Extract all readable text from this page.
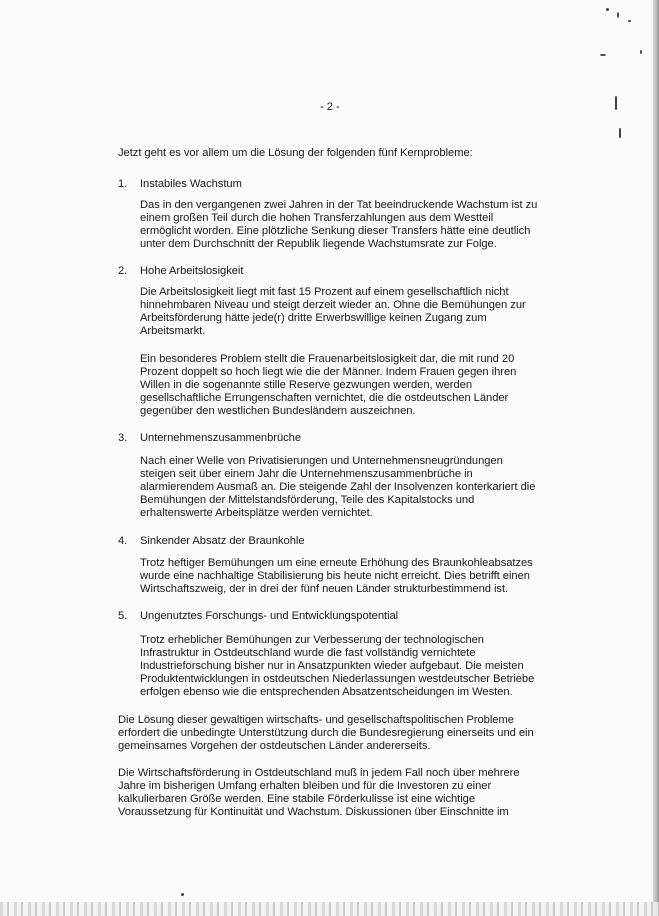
- 2 -
Jetzt geht es vor allem um die Lösung der folgenden fünf Kernprobleme:
1. Instabiles Wachstum
Das in den vergangenen zwei Jahren in der Tat beeindruckende Wachstum ist zu
einem großen Teil durch die hohen Transferzahlungen aus dem Westteil
ermöglicht worden. Eine plötzliche Senkung dieser Transfers hätte eine deutlich
unter dem Durchschnitt der Republik liegende Wachstumsrate zur Folge.
2. Hohe Arbeitslosigkeit
Die Arbeitslosigkeit liegt mit fast 15 Prozent auf einem gesellschaftlich nicht
hinnehmbaren Niveau und steigt derzeit wieder an. Ohne die Bemühungen zur
Arbeitsförderung hätte jede(r) dritte Erwerbswillige keinen Zugang zum
Arbeitsmarkt.
Ein besonderes Problem stellt die Frauenarbeitslosigkeit dar, die mit rund 20
Prozent doppelt so hoch liegt wie die der Männer. Indem Frauen gegen ihren
Willen in die sogenannte stille Reserve gezwungen werden, werden
gesellschaftliche Errungenschaften vernichtet, die die ostdeutschen Länder
gegenüber den westlichen Bundesländern auszeichnen.
3. Unternehmenszusammenbrüche
Nach einer Welle von Privatisierungen und Unternehmensneugründungen
steigen seit über einem Jahr die Unternehmenszusammenbrüche in
alarmierendem Ausmaß an. Die steigende Zahl der Insolvenzen konterkariert die
Bemühungen der Mittelstandsförderung, Teile des Kapitalstocks und
erhaltenswerte Arbeitsplätze werden vernichtet.
4. Sinkender Absatz der Braunkohle
Trotz heftiger Bemühungen um eine erneute Erhöhung des Braunkohleabsatzes
wurde eine nachhaltige Stabilisierung bis heute nicht erreicht. Dies betrifft einen
Wirtschaftszweig, der in drei der fünf neuen Länder strukturbestimmend ist.
5. Ungenutztes Forschungs- und Entwicklungspotential
Trotz erheblicher Bemühungen zur Verbesserung der technologischen
Infrastruktur in Ostdeutschland wurde die fast vollständig vernichtete
Industrieforschung bisher nur in Ansatzpunkten wieder aufgebaut. Die meisten
Produktentwicklungen in ostdeutschen Niederlassungen westdeutscher Betriebe
erfolgen ebenso wie die entsprechenden Absatzentscheidungen im Westen.
Die Lösung dieser gewaltigen wirtschafts- und gesellschaftspolitischen Probleme
erfordert die unbedingte Unterstützung durch die Bundesregierung einerseits und ein
gemeinsames Vorgehen der ostdeutschen Länder andererseits.
Die Wirtschaftsförderung in Ostdeutschland muß in jedem Fall noch über mehrere
Jahre im bisherigen Umfang erhalten bleiben und für die Investoren zu einer
kalkulierbaren Größe werden. Eine stabile Förderkulisse ist eine wichtige
Voraussetzung für Kontinuität und Wachstum. Diskussionen über Einschnitte im
